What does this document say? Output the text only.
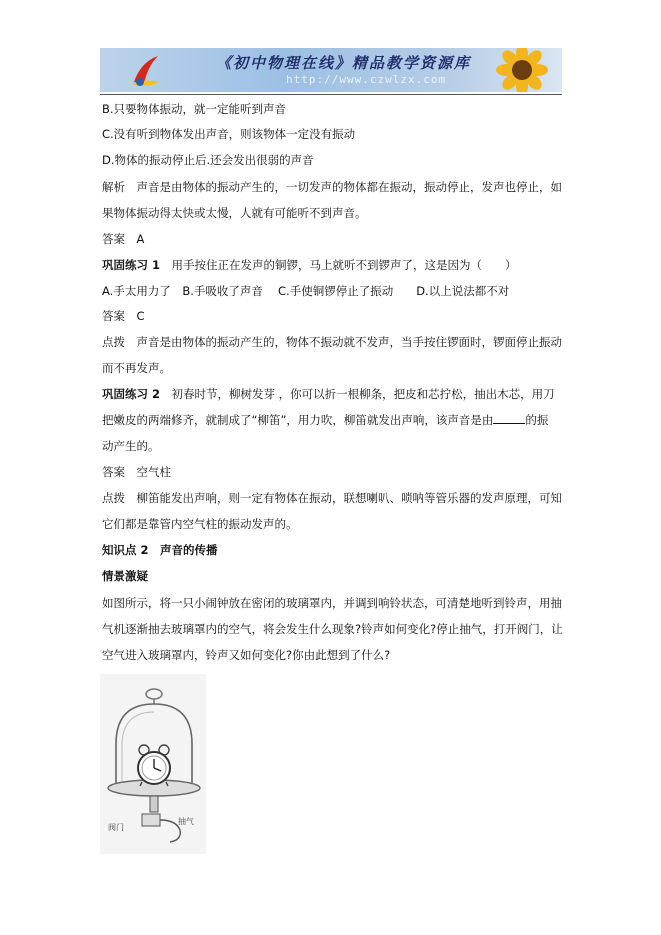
《初中物理在线》精品教学资源库
http://www.czwlzx.com
B.只要物体振动，就一定能听到声音
C.没有听到物体发出声音，则该物体一定没有振动
D.物体的振动停止后.还会发出很弱的声音
解析　声音是由物体的振动产生的，一切发声的物体都在振动，振动停止，发声也停止，如
果物体振动得太快或太慢，人就有可能听不到声音。
答案　A
巩固练习 1　用手按住正在发声的铜锣，马上就听不到锣声了，这是因为（　　）
A.手太用力了　B.手吸收了声音　 C.手使铜锣停止了振动　　D.以上说法都不对
答案　C
点拨　声音是由物体的振动产生的，物体不振动就不发声，当手按住锣面时，锣面停止振动
而不再发声。
巩固练习 2　初春时节，柳树发芽 ，你可以折一根柳条，把皮和芯拧松，抽出木芯，用刀
把嫩皮的两端修齐，就制成了“柳笛”，用力吹，柳笛就发出声响，该声音是由	的振
动产生的。
答案　空气柱
点拨　柳笛能发出声响，则一定有物体在振动，联想喇叭、唢呐等管乐器的发声原理，可知
它们都是靠管内空气柱的振动发声的。
知识点 2　声音的传播
情景激疑
如图所示，将一只小闹钟放在密闭的玻璃罩内，并调到响铃状态，可清楚地听到铃声，用抽
气机逐渐抽去玻璃罩内的空气，将会发生什么现象?铃声如何变化?停止抽气，打开阀门，让
空气进入玻璃罩内，铃声又如何变化?你由此想到了什么?
阀门
抽气
